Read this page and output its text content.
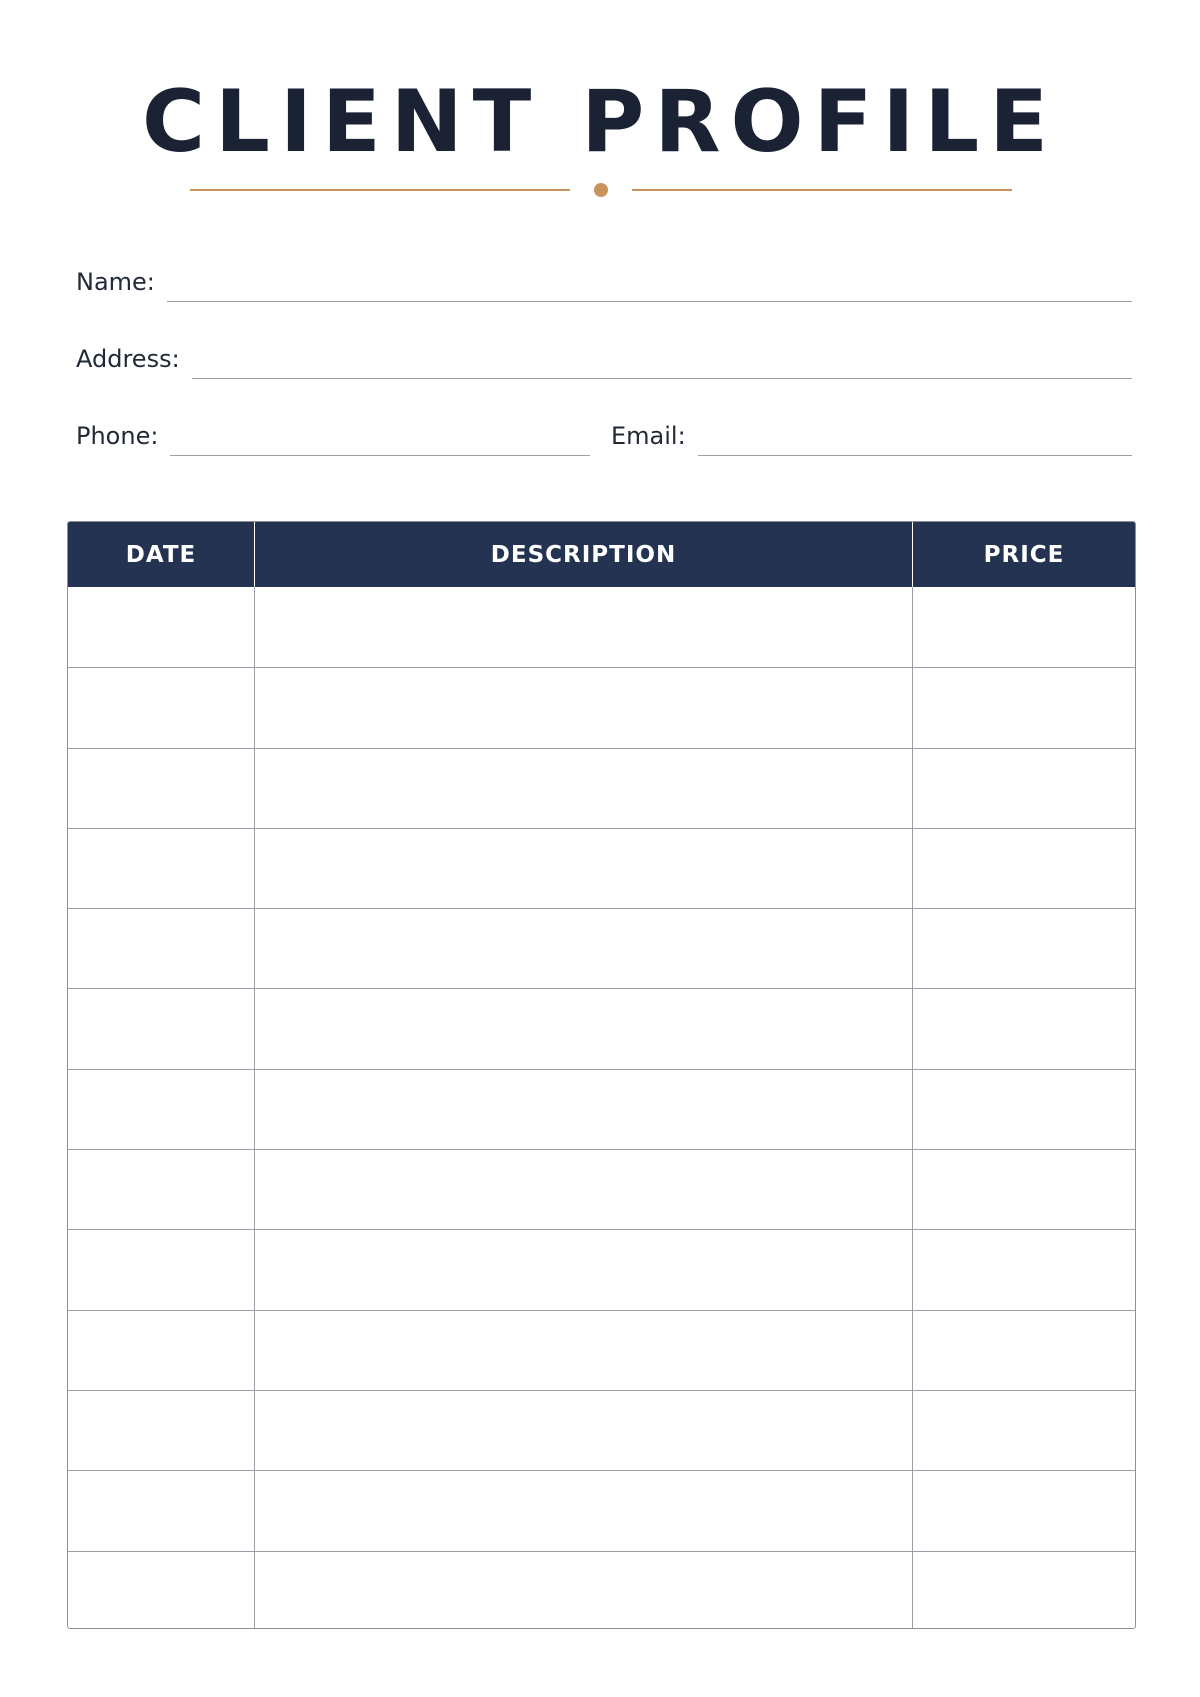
CLIENT PROFILE
Name:
Address:
Phone:	Email:
DATE	DESCRIPTION	PRICE
